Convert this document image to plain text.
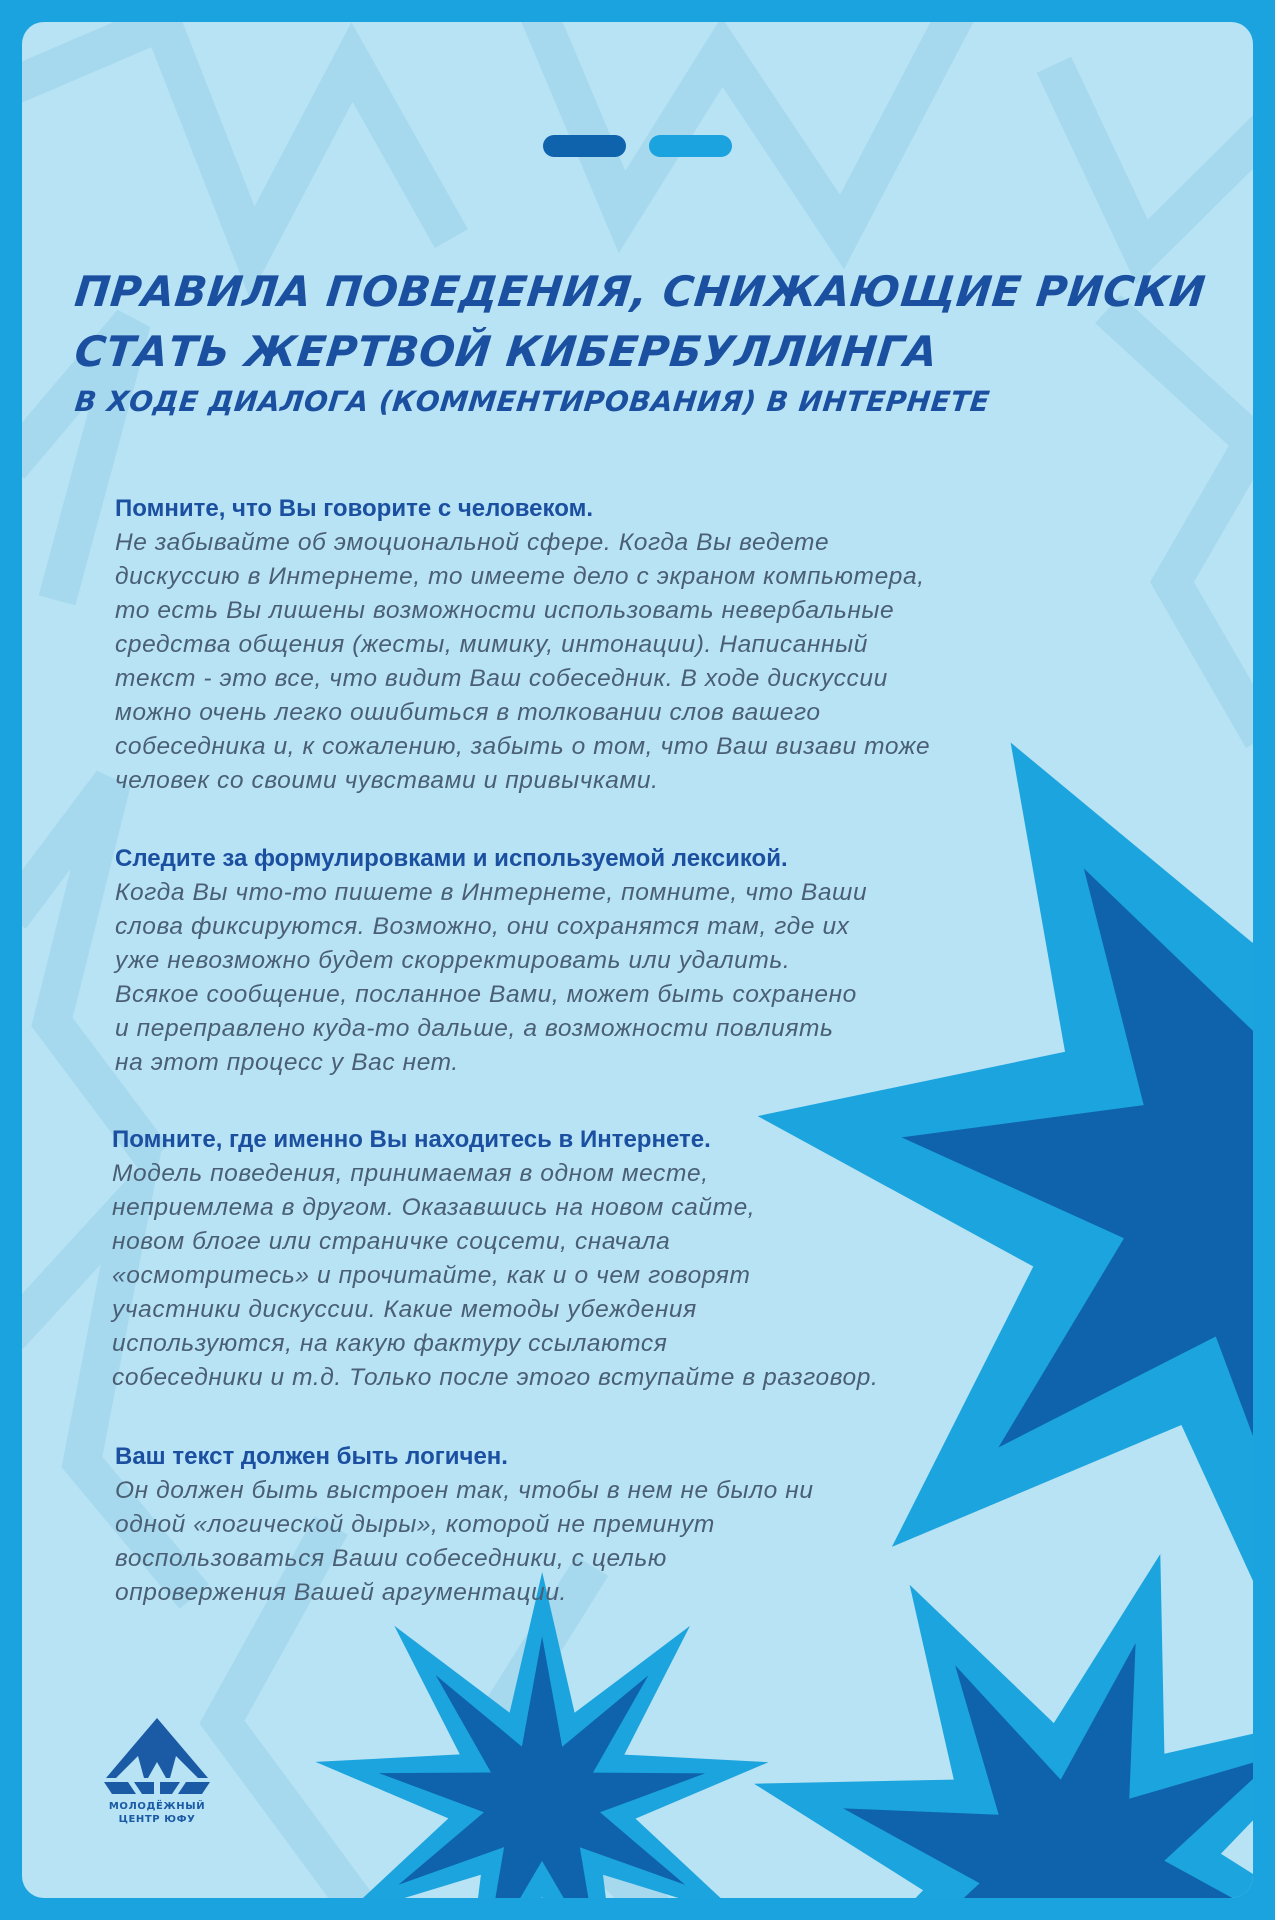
ПРАВИЛА ПОВЕДЕНИЯ, СНИЖАЮЩИЕ РИСКИ
СТАТЬ ЖЕРТВОЙ КИБЕРБУЛЛИНГА
В ХОДЕ ДИАЛОГА (КОММЕНТИРОВАНИЯ) В ИНТЕРНЕТЕ
Помните, что Вы говорите с человеком.
Не забывайте об эмоциональной сфере. Когда Вы ведете
дискуссию в Интернете, то имеете дело с экраном компьютера,
то есть Вы лишены возможности использовать невербальные
средства общения (жесты, мимику, интонации). Написанный
текст - это все, что видит Ваш собеседник. В ходе дискуссии
можно очень легко ошибиться в толковании слов вашего
собеседника и, к сожалению, забыть о том, что Ваш визави тоже
человек со своими чувствами и привычками.
Следите за формулировками и используемой лексикой.
Когда Вы что-то пишете в Интернете, помните, что Ваши
слова фиксируются. Возможно, они сохранятся там, где их
уже невозможно будет скорректировать или удалить.
Всякое сообщение, посланное Вами, может быть сохранено
и переправлено куда-то дальше, а возможности повлиять
на этот процесс у Вас нет.
Помните, где именно Вы находитесь в Интернете.
Модель поведения, принимаемая в одном месте,
неприемлема в другом. Оказавшись на новом сайте,
новом блоге или страничке соцсети, сначала
«осмотритесь» и прочитайте, как и о чем говорят
участники дискуссии. Какие методы убеждения
используются, на какую фактуру ссылаются
собеседники и т.д. Только после этого вступайте в разговор.
Ваш текст должен быть логичен.
Он должен быть выстроен так, чтобы в нем не было ни
одной «логической дыры», которой не преминут
воспользоваться Ваши собеседники, с целью
опровержения Вашей аргументации.
МОЛОДЁЖНЫЙ
ЦЕНТР ЮФУ
